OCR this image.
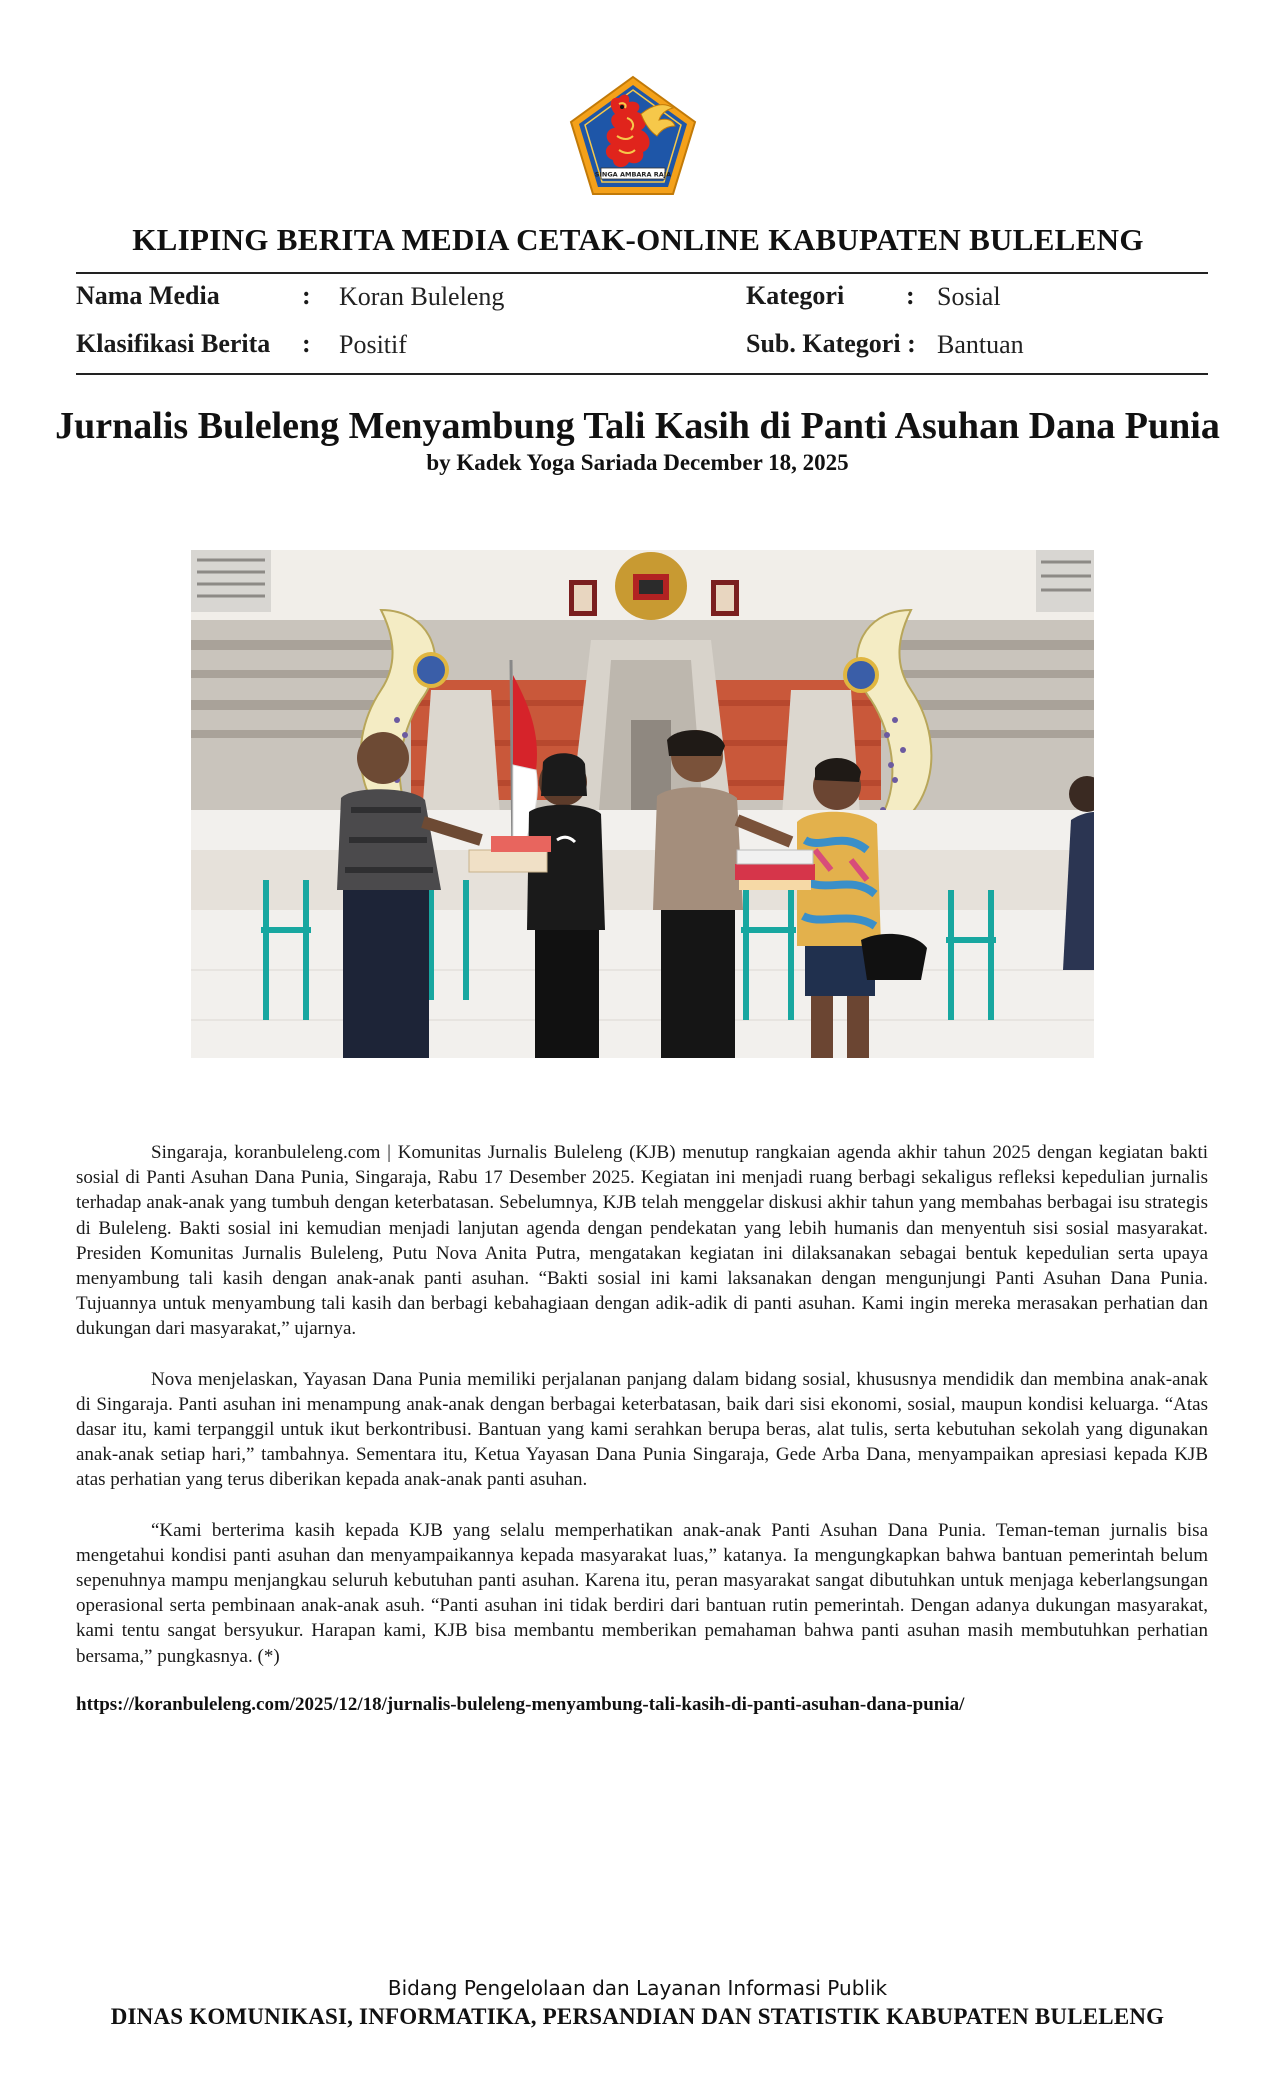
SINGA AMBARA RAJA
KLIPING BERITA MEDIA CETAK-ONLINE KABUPATEN BULELENG
Nama Media	: Koran Buleleng	Kategori : Sosial
Klasifikasi Berita : Positif	Sub. Kategori : Bantuan
Jurnalis Buleleng Menyambung Tali Kasih di Panti Asuhan Dana Punia
by Kadek Yoga Sariada December 18, 2025

Singaraja, koranbuleleng.com | Komunitas Jurnalis Buleleng (KJB) menutup rangkaian agenda akhir tahun 2025 dengan kegiatan bakti sosial di Panti Asuhan Dana Punia, Singaraja, Rabu 17 Desember 2025. Kegiatan ini menjadi ruang berbagi sekaligus refleksi kepedulian jurnalis terhadap anak-anak yang tumbuh dengan keterbatasan. Sebelumnya, KJB telah menggelar diskusi akhir tahun yang membahas berbagai isu strategis di Buleleng. Bakti sosial ini kemudian menjadi lanjutan agenda dengan pendekatan yang lebih humanis dan menyentuh sisi sosial masyarakat. Presiden Komunitas Jurnalis Buleleng, Putu Nova Anita Putra, mengatakan kegiatan ini dilaksanakan sebagai bentuk kepedulian serta upaya menyambung tali kasih dengan anak-anak panti asuhan. “Bakti sosial ini kami laksanakan dengan mengunjungi Panti Asuhan Dana Punia. Tujuannya untuk menyambung tali kasih dan berbagi kebahagiaan dengan adik-adik di panti asuhan. Kami ingin mereka merasakan perhatian dan dukungan dari masyarakat,” ujarnya.

Nova menjelaskan, Yayasan Dana Punia memiliki perjalanan panjang dalam bidang sosial, khususnya mendidik dan membina anak-anak di Singaraja. Panti asuhan ini menampung anak-anak dengan berbagai keterbatasan, baik dari sisi ekonomi, sosial, maupun kondisi keluarga. “Atas dasar itu, kami terpanggil untuk ikut berkontribusi. Bantuan yang kami serahkan berupa beras, alat tulis, serta kebutuhan sekolah yang digunakan anak-anak setiap hari,” tambahnya. Sementara itu, Ketua Yayasan Dana Punia Singaraja, Gede Arba Dana, menyampaikan apresiasi kepada KJB atas perhatian yang terus diberikan kepada anak-anak panti asuhan.

“Kami berterima kasih kepada KJB yang selalu memperhatikan anak-anak Panti Asuhan Dana Punia. Teman-teman jurnalis bisa mengetahui kondisi panti asuhan dan menyampaikannya kepada masyarakat luas,” katanya. Ia mengungkapkan bahwa bantuan pemerintah belum sepenuhnya mampu menjangkau seluruh kebutuhan panti asuhan. Karena itu, peran masyarakat sangat dibutuhkan untuk menjaga keberlangsungan operasional serta pembinaan anak-anak asuh. “Panti asuhan ini tidak berdiri dari bantuan rutin pemerintah. Dengan adanya dukungan masyarakat, kami tentu sangat bersyukur. Harapan kami, KJB bisa membantu memberikan pemahaman bahwa panti asuhan masih membutuhkan perhatian bersama,” pungkasnya. (*)

https://koranbuleleng.com/2025/12/18/jurnalis-buleleng-menyambung-tali-kasih-di-panti-asuhan-dana-punia/
Bidang Pengelolaan dan Layanan Informasi Publik
DINAS KOMUNIKASI, INFORMATIKA, PERSANDIAN DAN STATISTIK KABUPATEN BULELENG
